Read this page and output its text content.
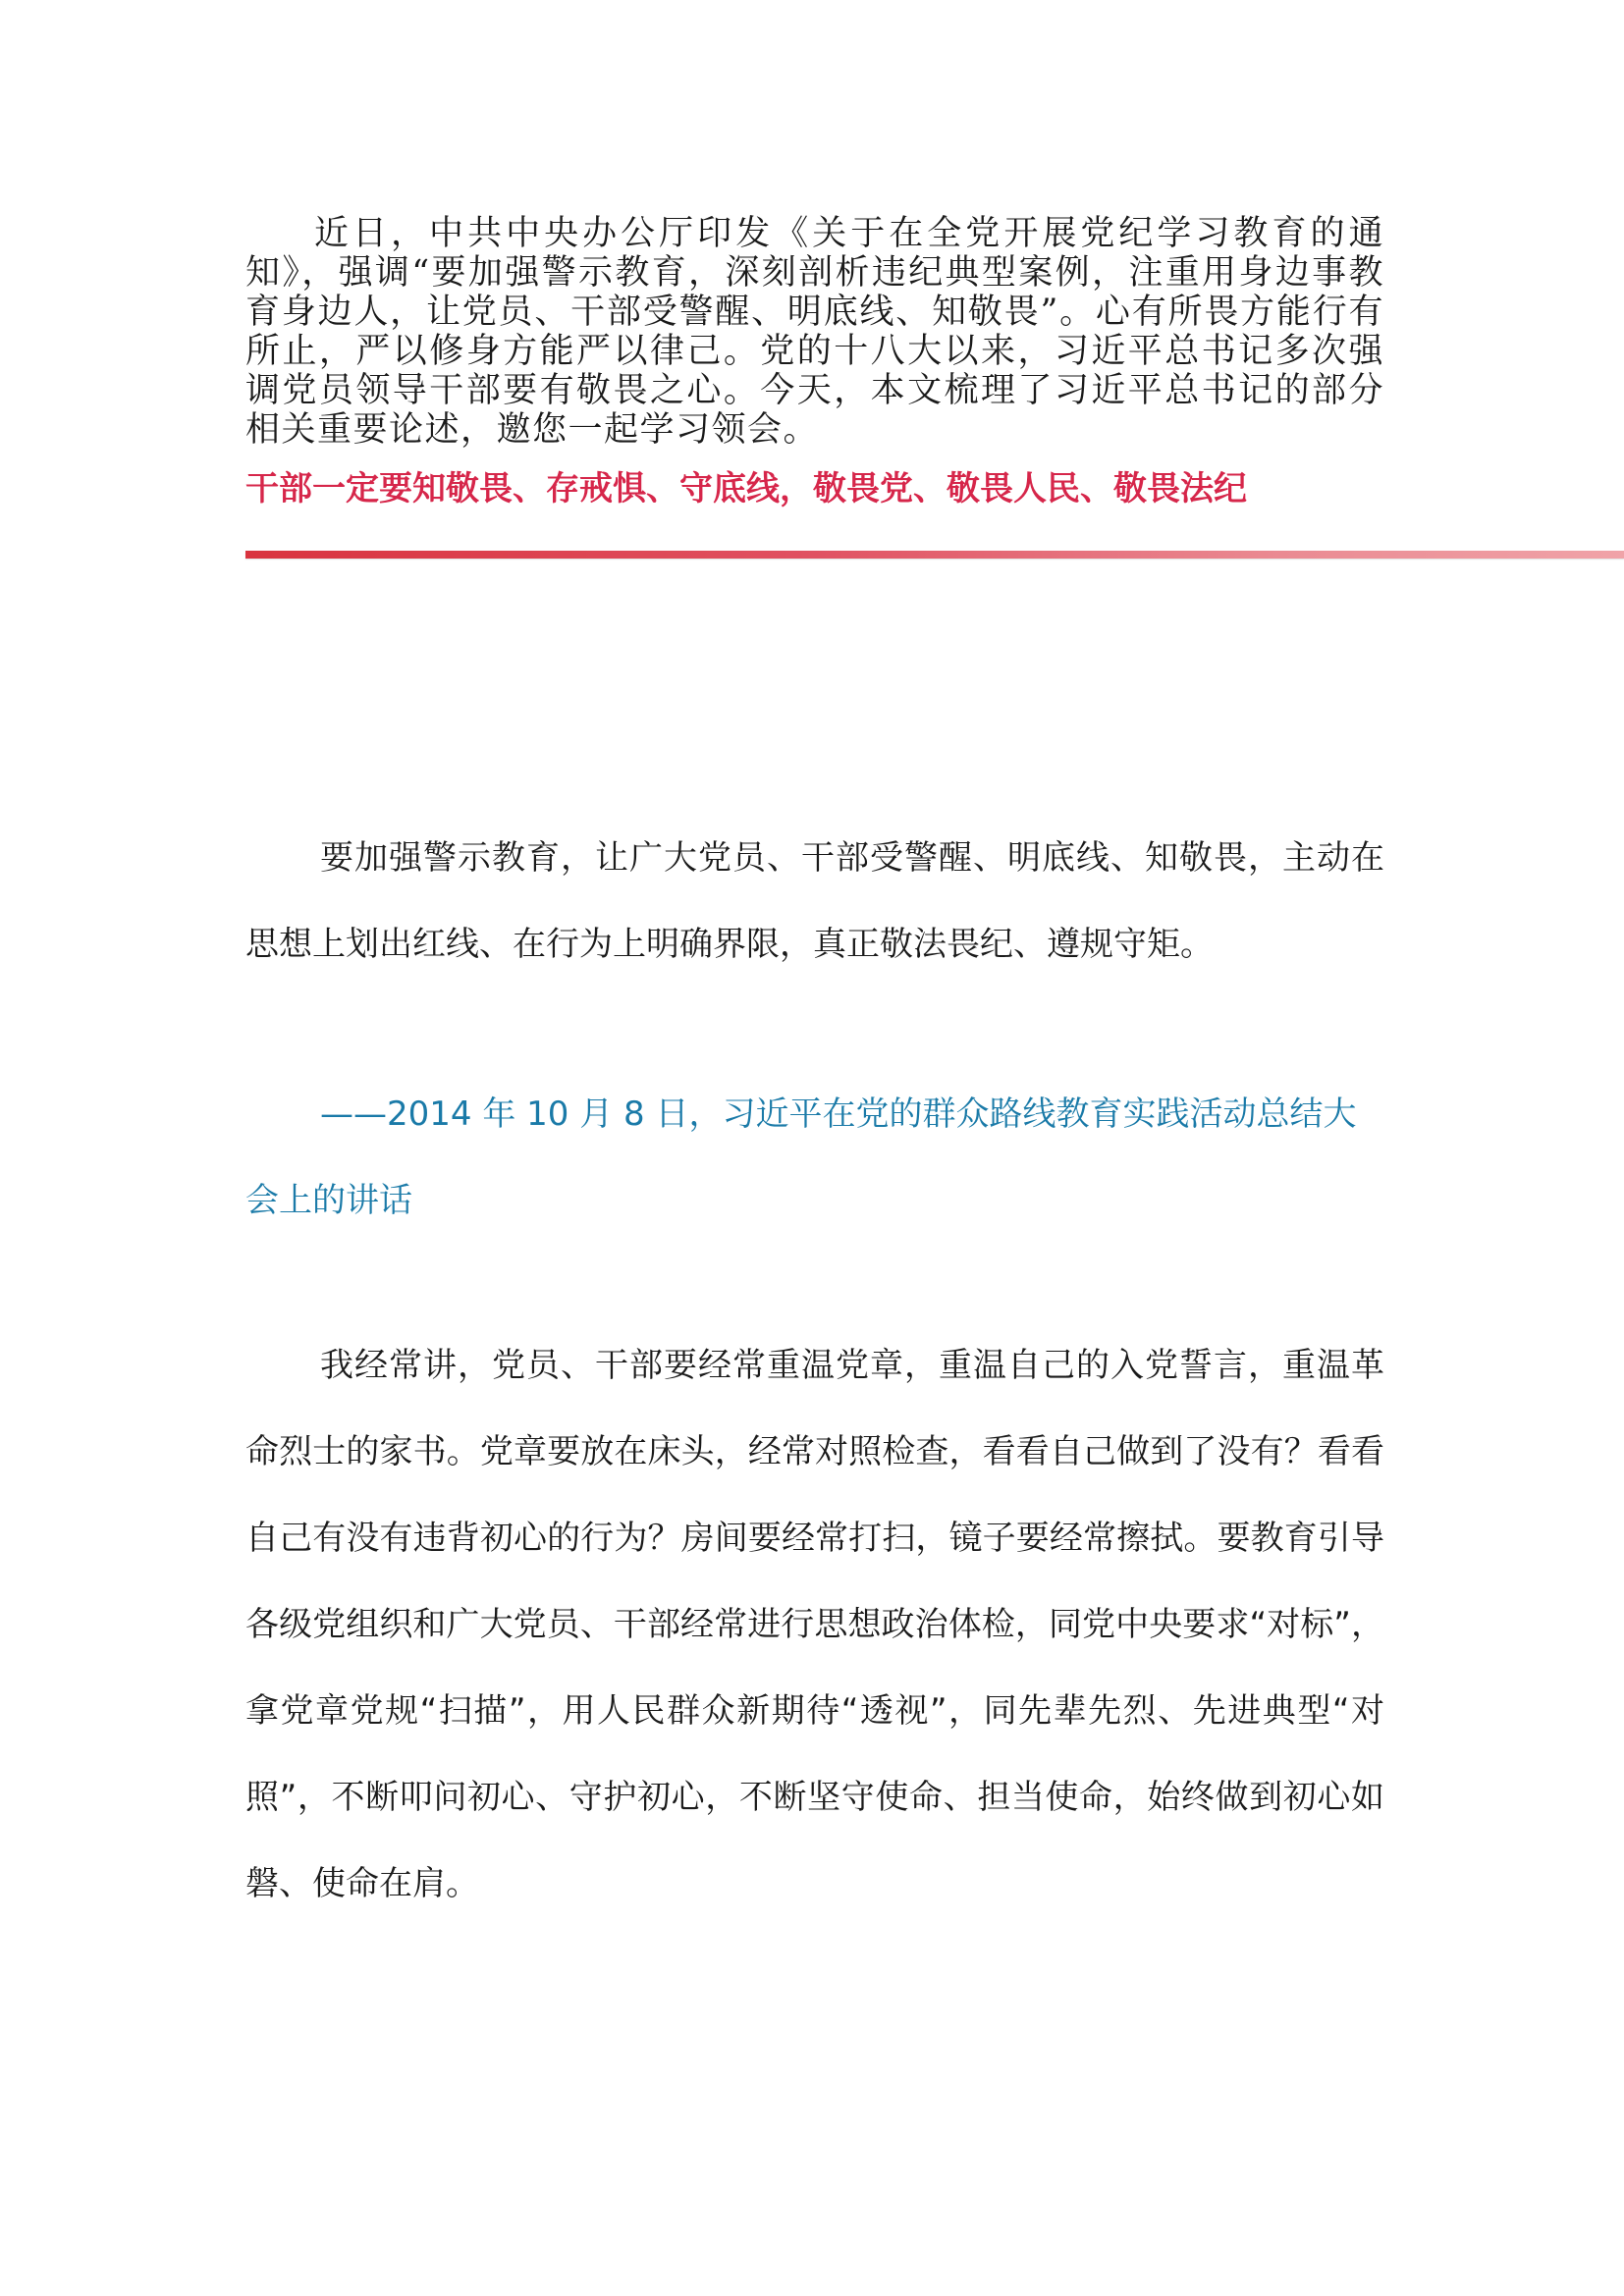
近日，中共中央办公厅印发《关于在全党开展党纪学习教育的通知》，强调“要加强警示教育，深刻剖析违纪典型案例，注重用身边事教育身边人，让党员、干部受警醒、明底线、知敬畏”。心有所畏方能行有所止，严以修身方能严以律己。党的十八大以来，习近平总书记多次强调党员领导干部要有敬畏之心。今天，本文梳理了习近平总书记的部分相关重要论述，邀您一起学习领会。

干部一定要知敬畏、存戒惧、守底线，敬畏党、敬畏人民、敬畏法纪

要加强警示教育，让广大党员、干部受警醒、明底线、知敬畏，主动在思想上划出红线、在行为上明确界限，真正敬法畏纪、遵规守矩。

——2014 年 10 月 8 日，习近平在党的群众路线教育实践活动总结大会上的讲话

我经常讲，党员、干部要经常重温党章，重温自己的入党誓言，重温革命烈士的家书。党章要放在床头，经常对照检查，看看自己做到了没有？看看自己有没有违背初心的行为？房间要经常打扫，镜子要经常擦拭。要教育引导各级党组织和广大党员、干部经常进行思想政治体检，同党中央要求“对标”，拿党章党规“扫描”，用人民群众新期待“透视”，同先辈先烈、先进典型“对照”，不断叩问初心、守护初心，不断坚守使命、担当使命，始终做到初心如磐、使命在肩。
